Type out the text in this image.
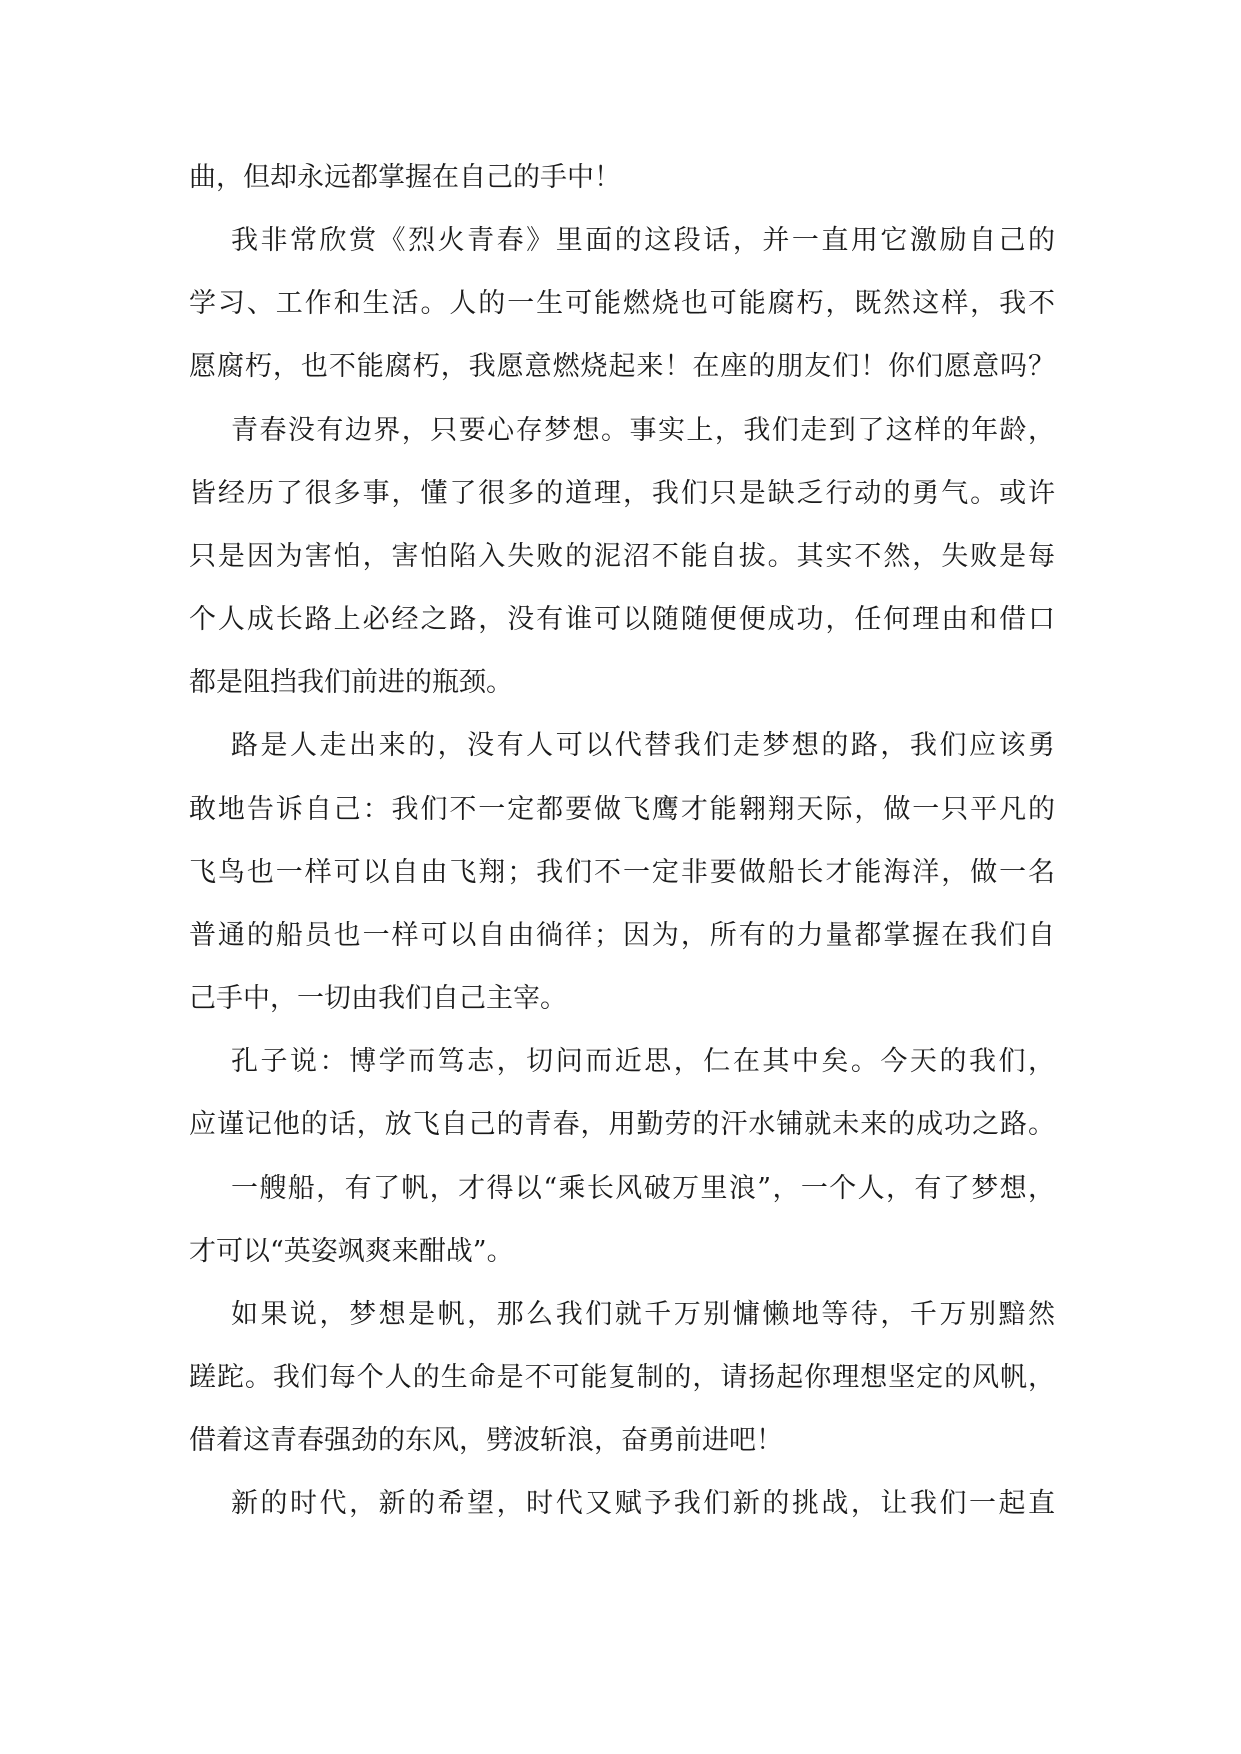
曲，但却永远都掌握在自己的手中！
我非常欣赏《烈火青春》里面的这段话，并一直用它激励自己的
学习、工作和生活。人的一生可能燃烧也可能腐朽，既然这样，我不
愿腐朽，也不能腐朽，我愿意燃烧起来！在座的朋友们！你们愿意吗？
青春没有边界，只要心存梦想。事实上，我们走到了这样的年龄，
皆经历了很多事，懂了很多的道理，我们只是缺乏行动的勇气。或许
只是因为害怕，害怕陷入失败的泥沼不能自拔。其实不然，失败是每
个人成长路上必经之路，没有谁可以随随便便成功，任何理由和借口
都是阻挡我们前进的瓶颈。
路是人走出来的，没有人可以代替我们走梦想的路，我们应该勇
敢地告诉自己：我们不一定都要做飞鹰才能翱翔天际，做一只平凡的
飞鸟也一样可以自由飞翔；我们不一定非要做船长才能海洋，做一名
普通的船员也一样可以自由徜徉；因为，所有的力量都掌握在我们自
己手中，一切由我们自己主宰。
孔子说：博学而笃志，切问而近思，仁在其中矣。今天的我们，
应谨记他的话，放飞自己的青春，用勤劳的汗水铺就未来的成功之路。
一艘船，有了帆，才得以“乘长风破万里浪”，一个人，有了梦想，
才可以“英姿飒爽来酣战”。
如果说，梦想是帆，那么我们就千万别慵懒地等待，千万别黯然
蹉跎。我们每个人的生命是不可能复制的，请扬起你理想坚定的风帆，
借着这青春强劲的东风，劈波斩浪，奋勇前进吧！
新的时代，新的希望，时代又赋予我们新的挑战，让我们一起直
